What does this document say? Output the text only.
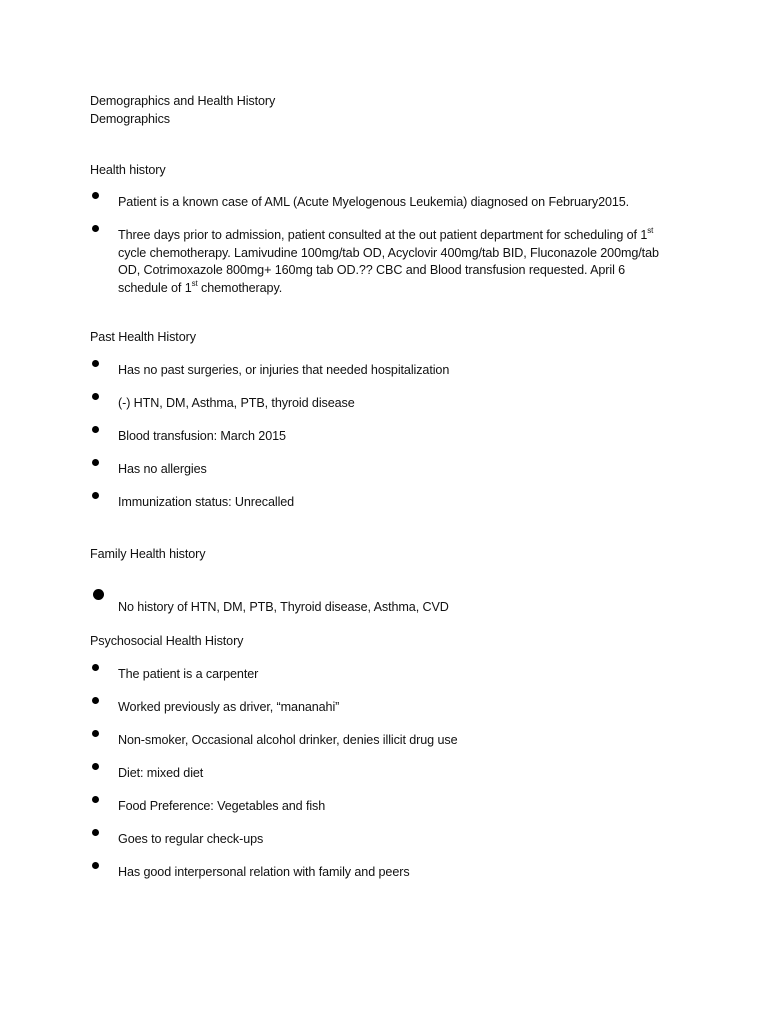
Demographics and Health History
Demographics
Health history
Patient is a known case of AML (Acute Myelogenous Leukemia) diagnosed on February2015.
Three days prior to admission, patient consulted at the out patient department for scheduling of 1st
cycle chemotherapy. Lamivudine 100mg/tab OD, Acyclovir 400mg/tab BID, Fluconazole 200mg/tab
OD, Cotrimoxazole 800mg+ 160mg tab OD.?? CBC and Blood transfusion requested. April 6
schedule of 1st chemotherapy.
Past Health History
Has no past surgeries, or injuries that needed hospitalization
(-) HTN, DM, Asthma, PTB, thyroid disease
Blood transfusion: March 2015
Has no allergies
Immunization status: Unrecalled
Family Health history
No history of HTN, DM, PTB, Thyroid disease, Asthma, CVD
Psychosocial Health History
The patient is a carpenter
Worked previously as driver, “mananahi”
Non-smoker, Occasional alcohol drinker, denies illicit drug use
Diet: mixed diet
Food Preference: Vegetables and fish
Goes to regular check-ups
Has good interpersonal relation with family and peers
